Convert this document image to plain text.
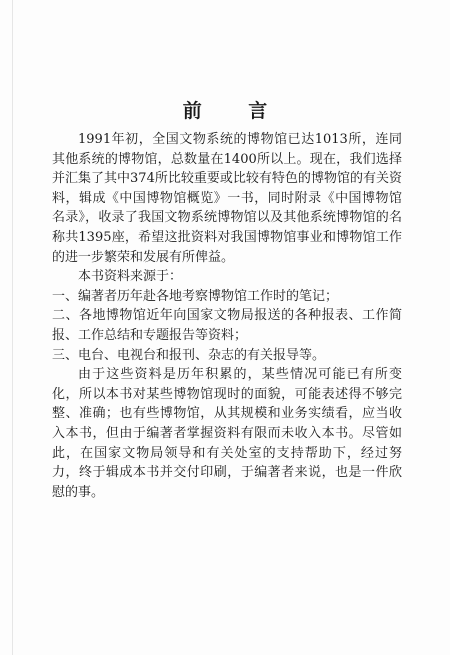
前 言

1991年初，全国文物系统的博物馆已达1013所，连同其他系统的博物馆，总数量在1400所以上。现在，我们选择并汇集了其中374所比较重要或比较有特色的博物馆的有关资料，辑成《中国博物馆概览》一书，同时附录《中国博物馆名录》，收录了我国文物系统博物馆以及其他系统博物馆的名称共1395座，希望这批资料对我国博物馆事业和博物馆工作的进一步繁荣和发展有所俾益。

本书资料来源于：

一、编著者历年赴各地考察博物馆工作时的笔记；

二、各地博物馆近年向国家文物局报送的各种报表、工作简报、工作总结和专题报告等资料；

三、电台、电视台和报刊、杂志的有关报导等。

由于这些资料是历年积累的，某些情况可能已有所变化，所以本书对某些博物馆现时的面貌，可能表述得不够完整、准确；也有些博物馆，从其规模和业务实绩看，应当收入本书，但由于编著者掌握资料有限而未收入本书。尽管如此，在国家文物局领导和有关处室的支持帮助下，经过努力，终于辑成本书并交付印刷，于编著者来说，也是一件欣慰的事。
